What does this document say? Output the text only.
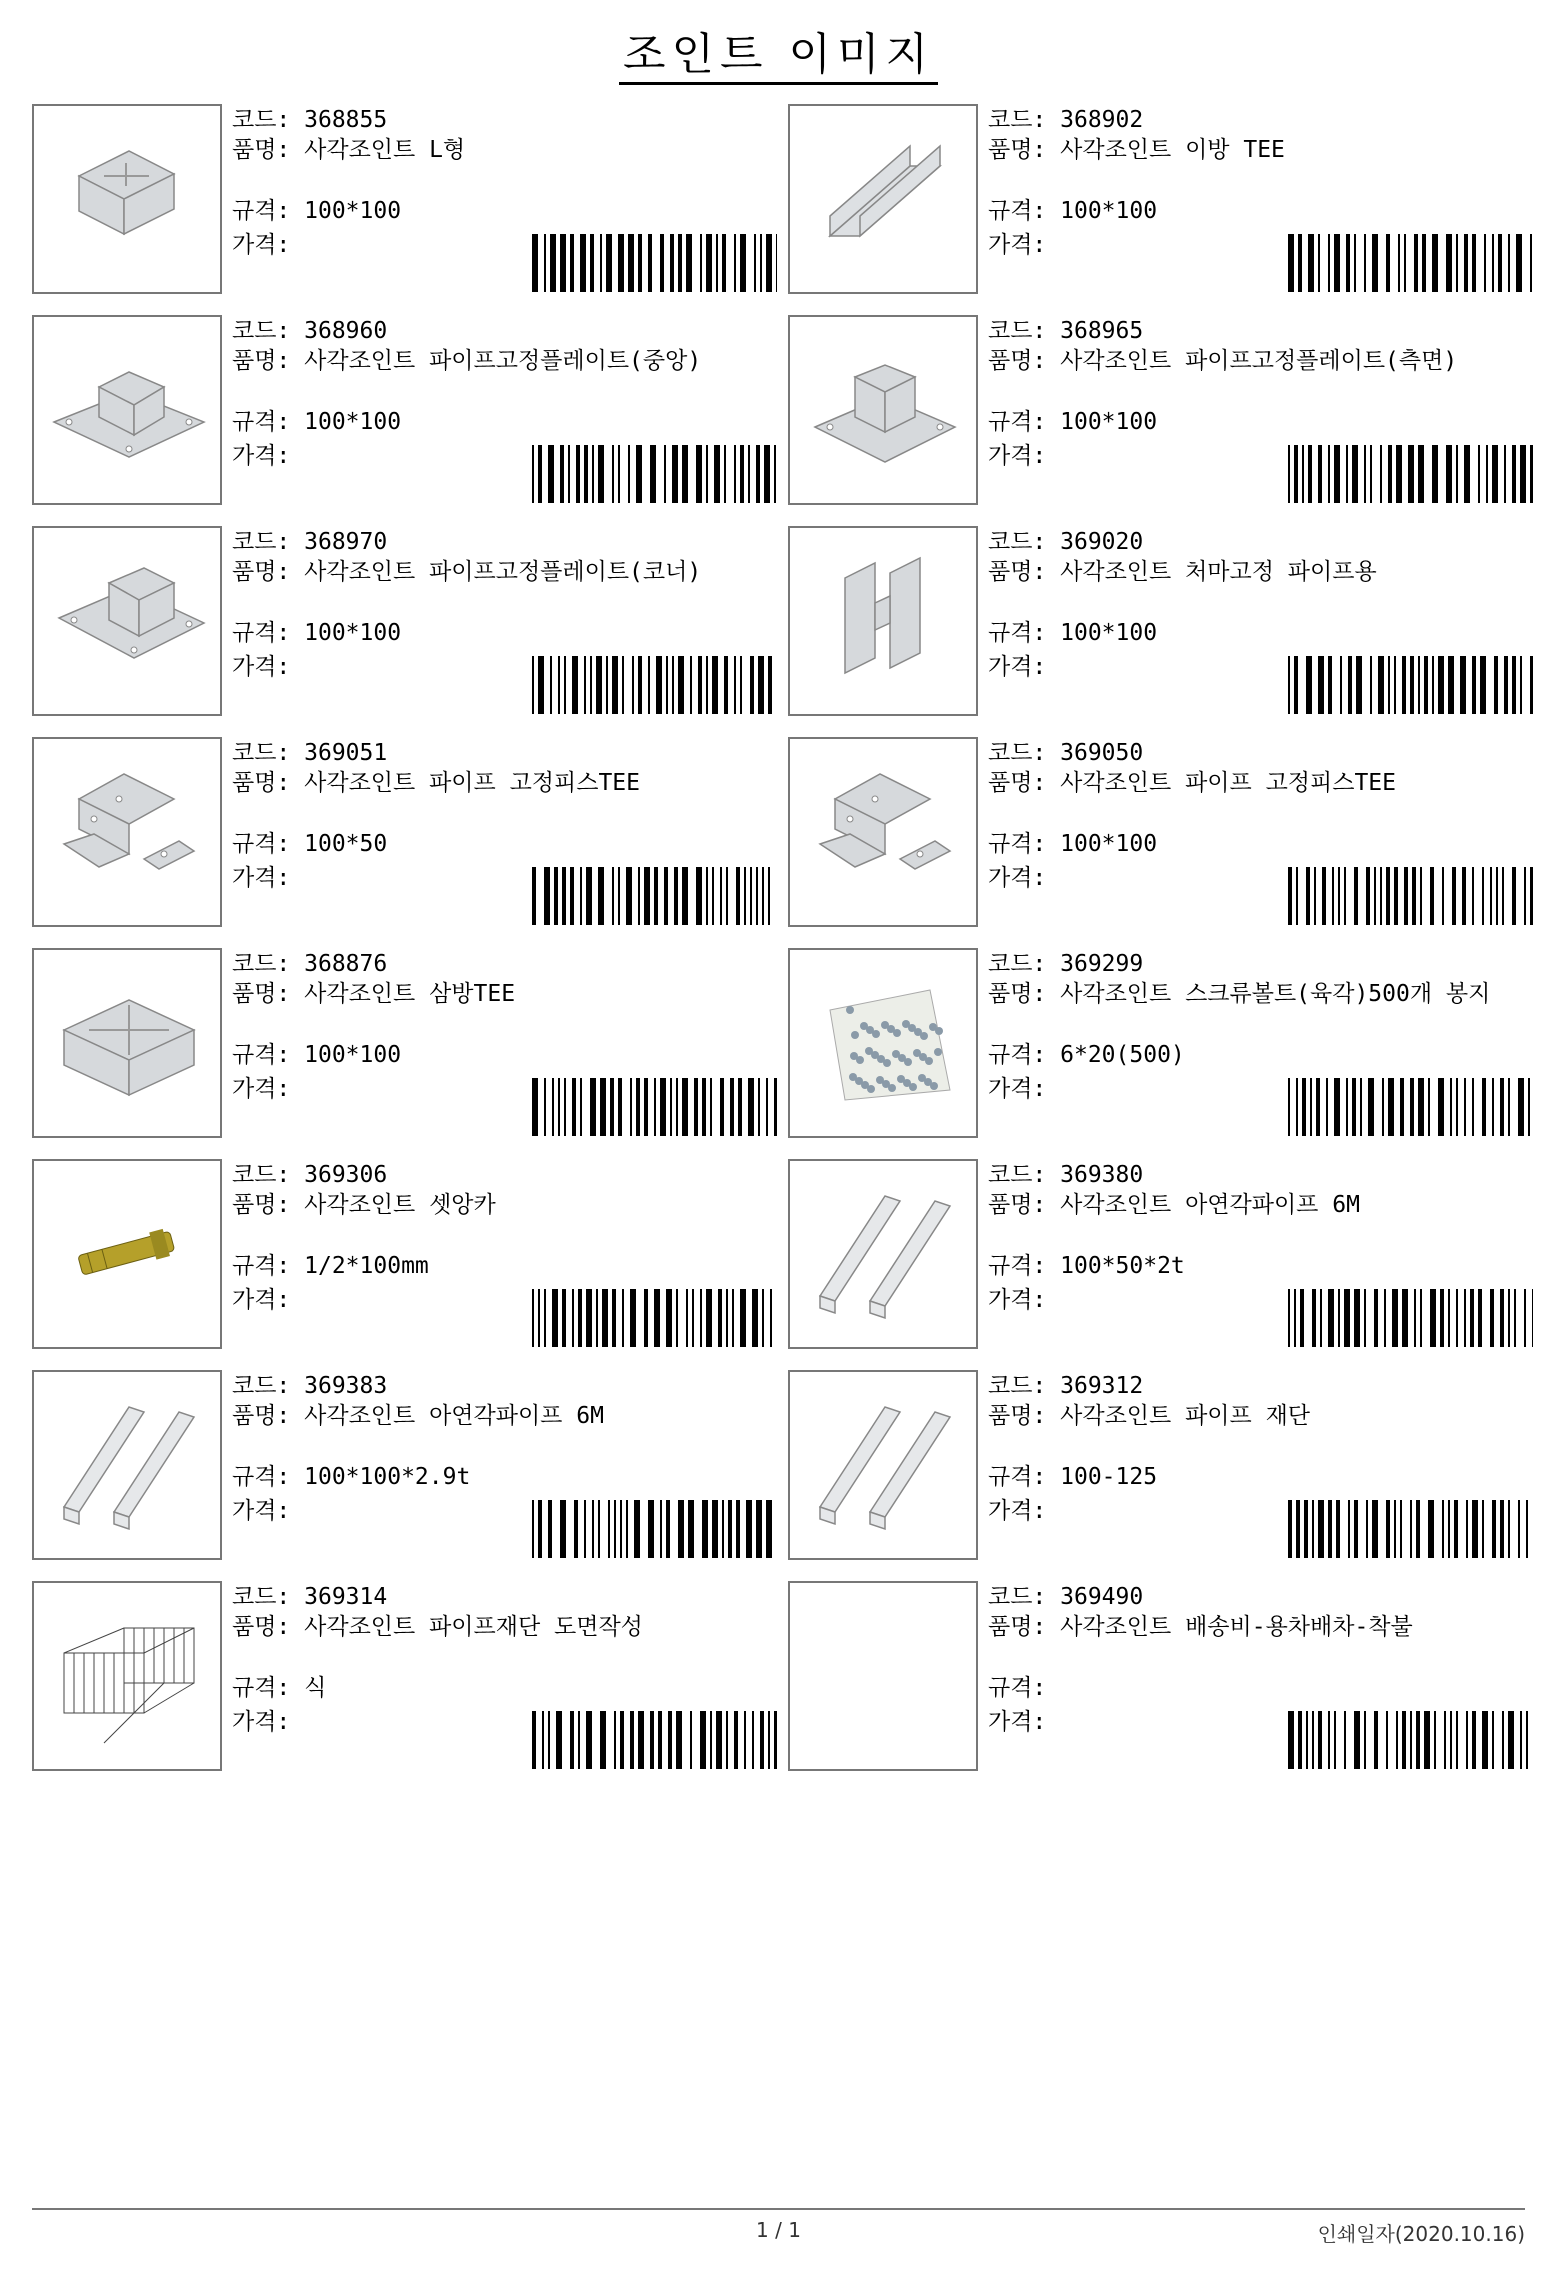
조인트 이미지
코드: 368855
품명: 사각조인트 L형
규격: 100*100
가격:
코드: 368902
품명: 사각조인트 이방 TEE
규격: 100*100
가격:
코드: 368960
품명: 사각조인트 파이프고정플레이트(중앙)
규격: 100*100
가격:
코드: 368965
품명: 사각조인트 파이프고정플레이트(측면)
규격: 100*100
가격:
코드: 368970
품명: 사각조인트 파이프고정플레이트(코너)
규격: 100*100
가격:
코드: 369020
품명: 사각조인트 처마고정 파이프용
규격: 100*100
가격:
코드: 369051
품명: 사각조인트 파이프 고정피스TEE
규격: 100*50
가격:
코드: 369050
품명: 사각조인트 파이프 고정피스TEE
규격: 100*100
가격:
코드: 368876
품명: 사각조인트 삼방TEE
규격: 100*100
가격:
코드: 369299
품명: 사각조인트 스크류볼트(육각)500개 봉지
규격: 6*20(500)
가격:
코드: 369306
품명: 사각조인트 셋앙카
규격: 1/2*100mm
가격:
코드: 369380
품명: 사각조인트 아연각파이프 6M
규격: 100*50*2t
가격:
코드: 369383
품명: 사각조인트 아연각파이프 6M
규격: 100*100*2.9t
가격:
코드: 369312
품명: 사각조인트 파이프 재단
규격: 100-125
가격:
코드: 369314
품명: 사각조인트 파이프재단 도면작성
규격: 식
가격:
코드: 369490
품명: 사각조인트 배송비-용차배차-착불
규격:
가격:
1 / 1	인쇄일자(2020.10.16)
